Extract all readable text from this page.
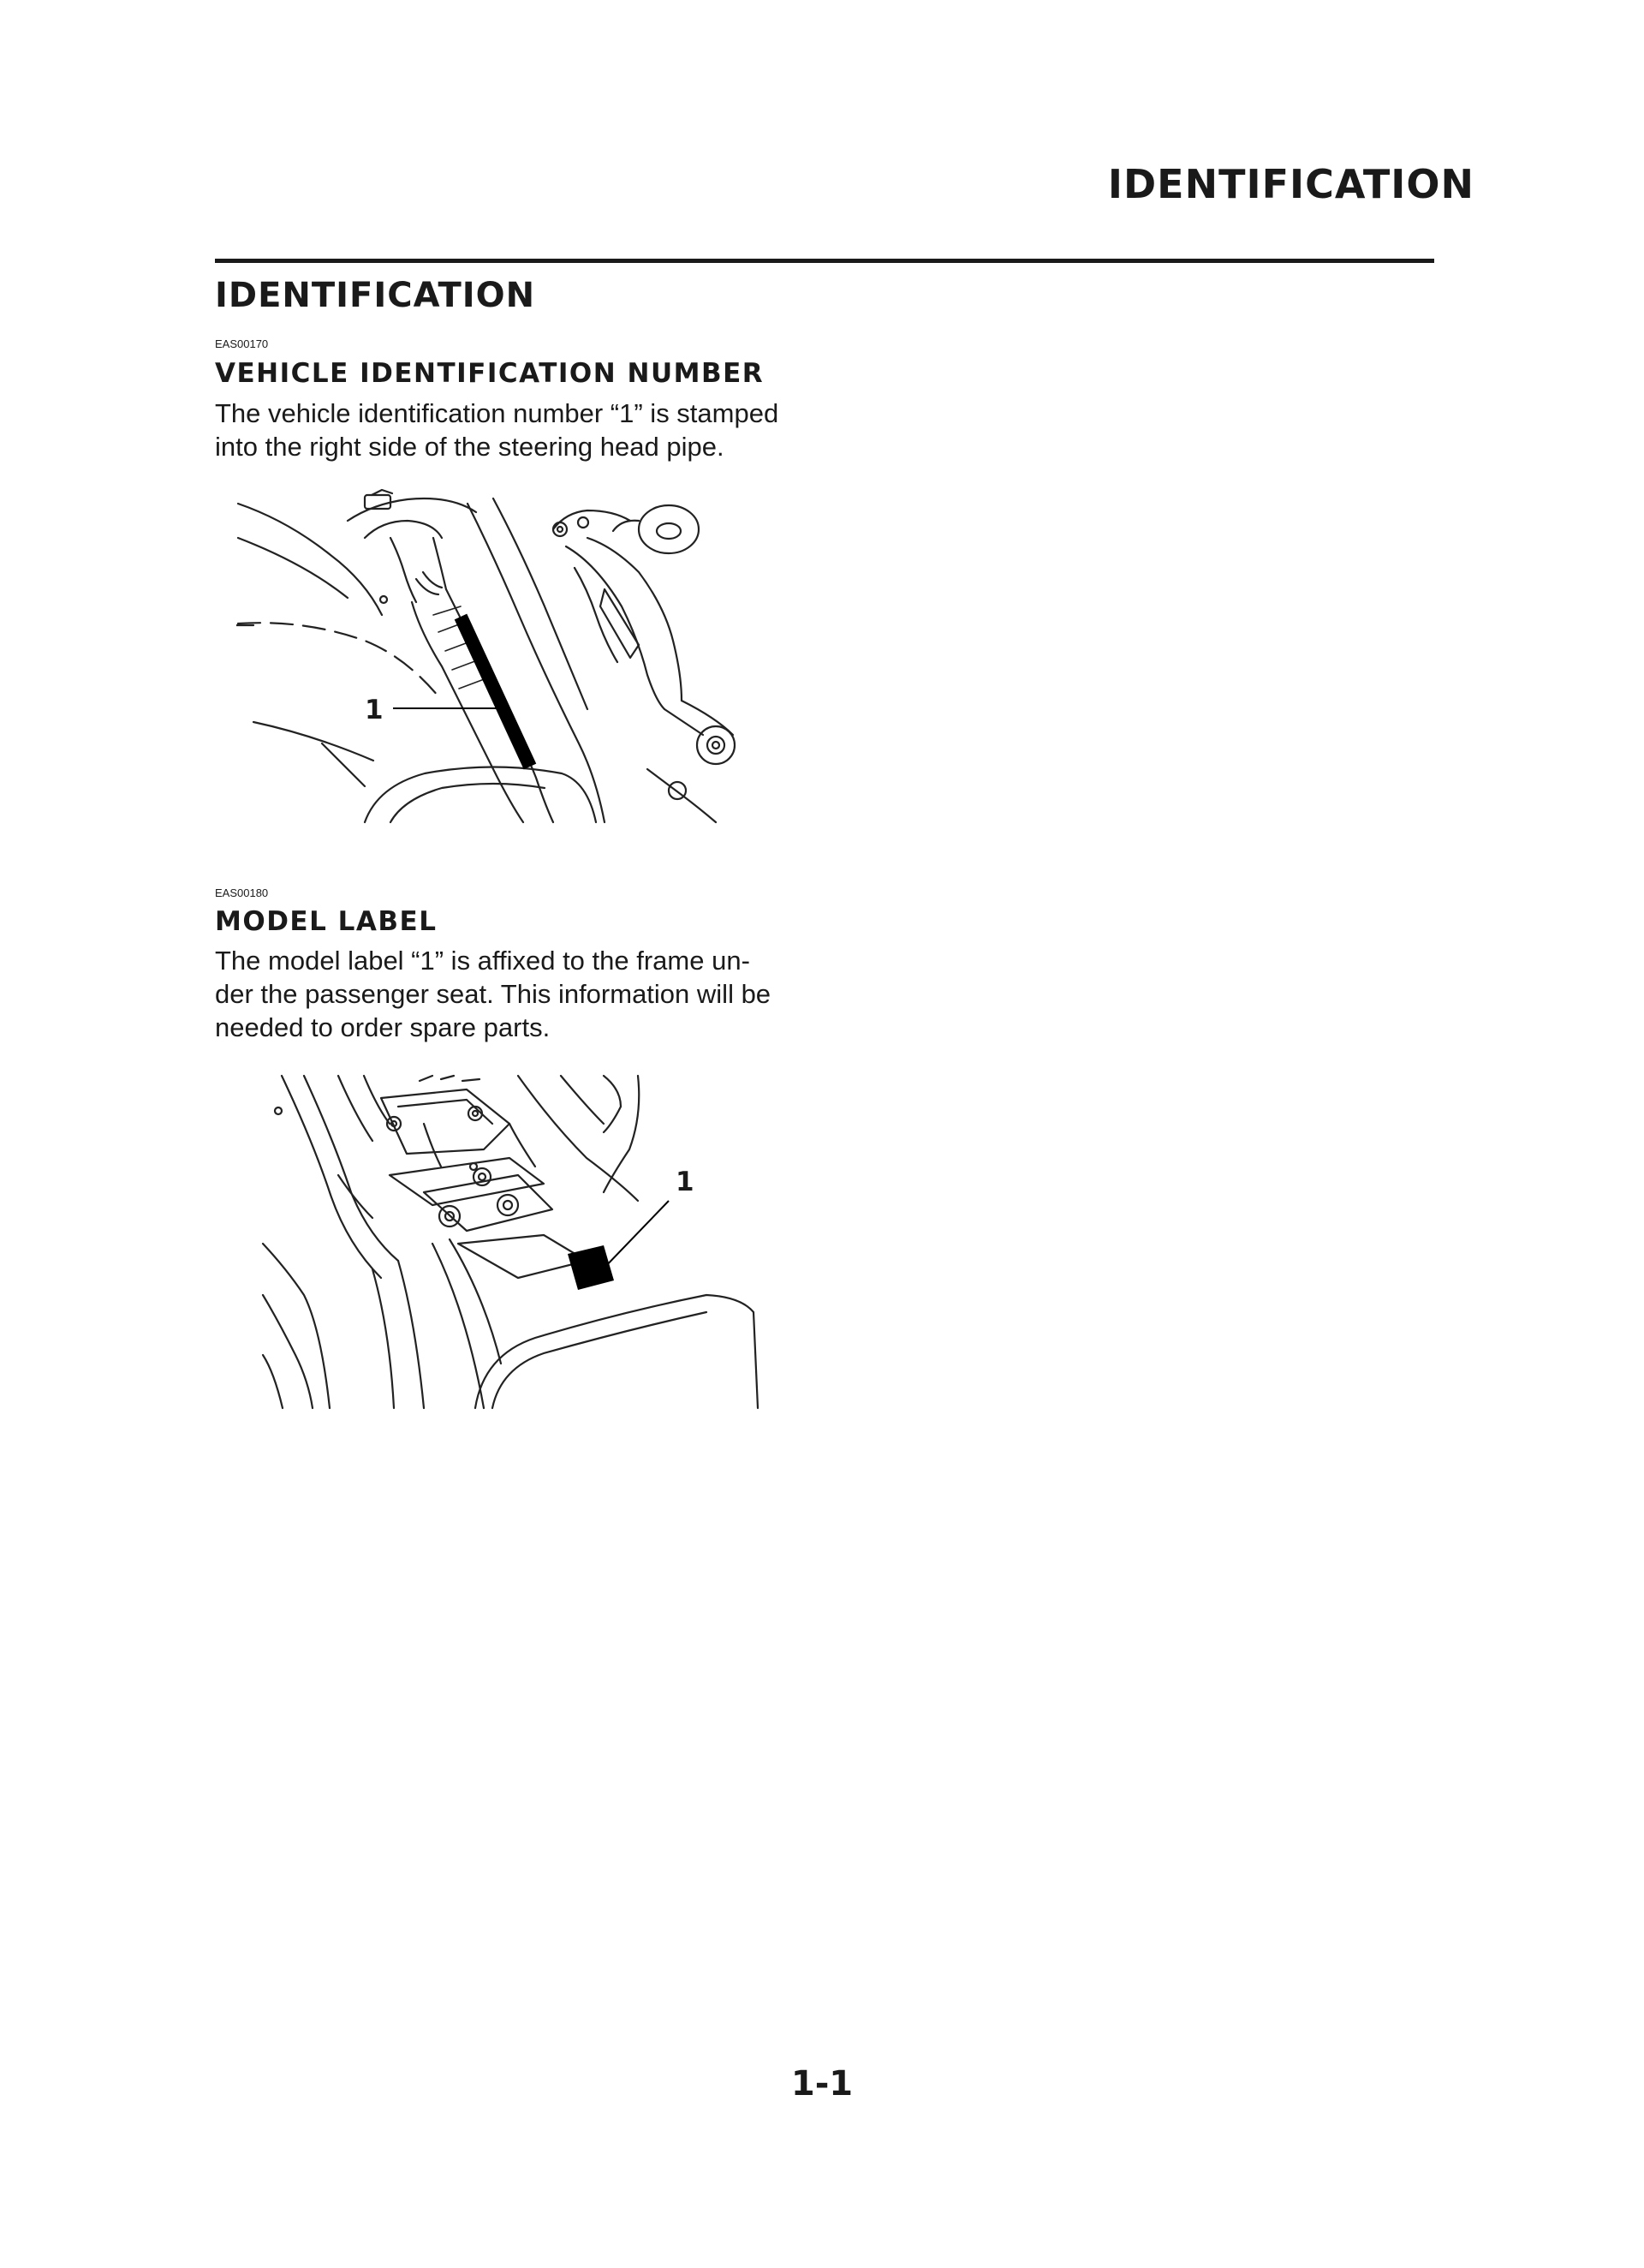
IDENTIFICATION
IDENTIFICATION

EAS00170

VEHICLE IDENTIFICATION NUMBER
The vehicle identification number “1” is stamped
into the right side of the steering head pipe.
1

EAS00180

MODEL LABEL
The model label “1” is affixed to the frame un-
der the passenger seat. This information will be
needed to order spare parts.
1

1-1
